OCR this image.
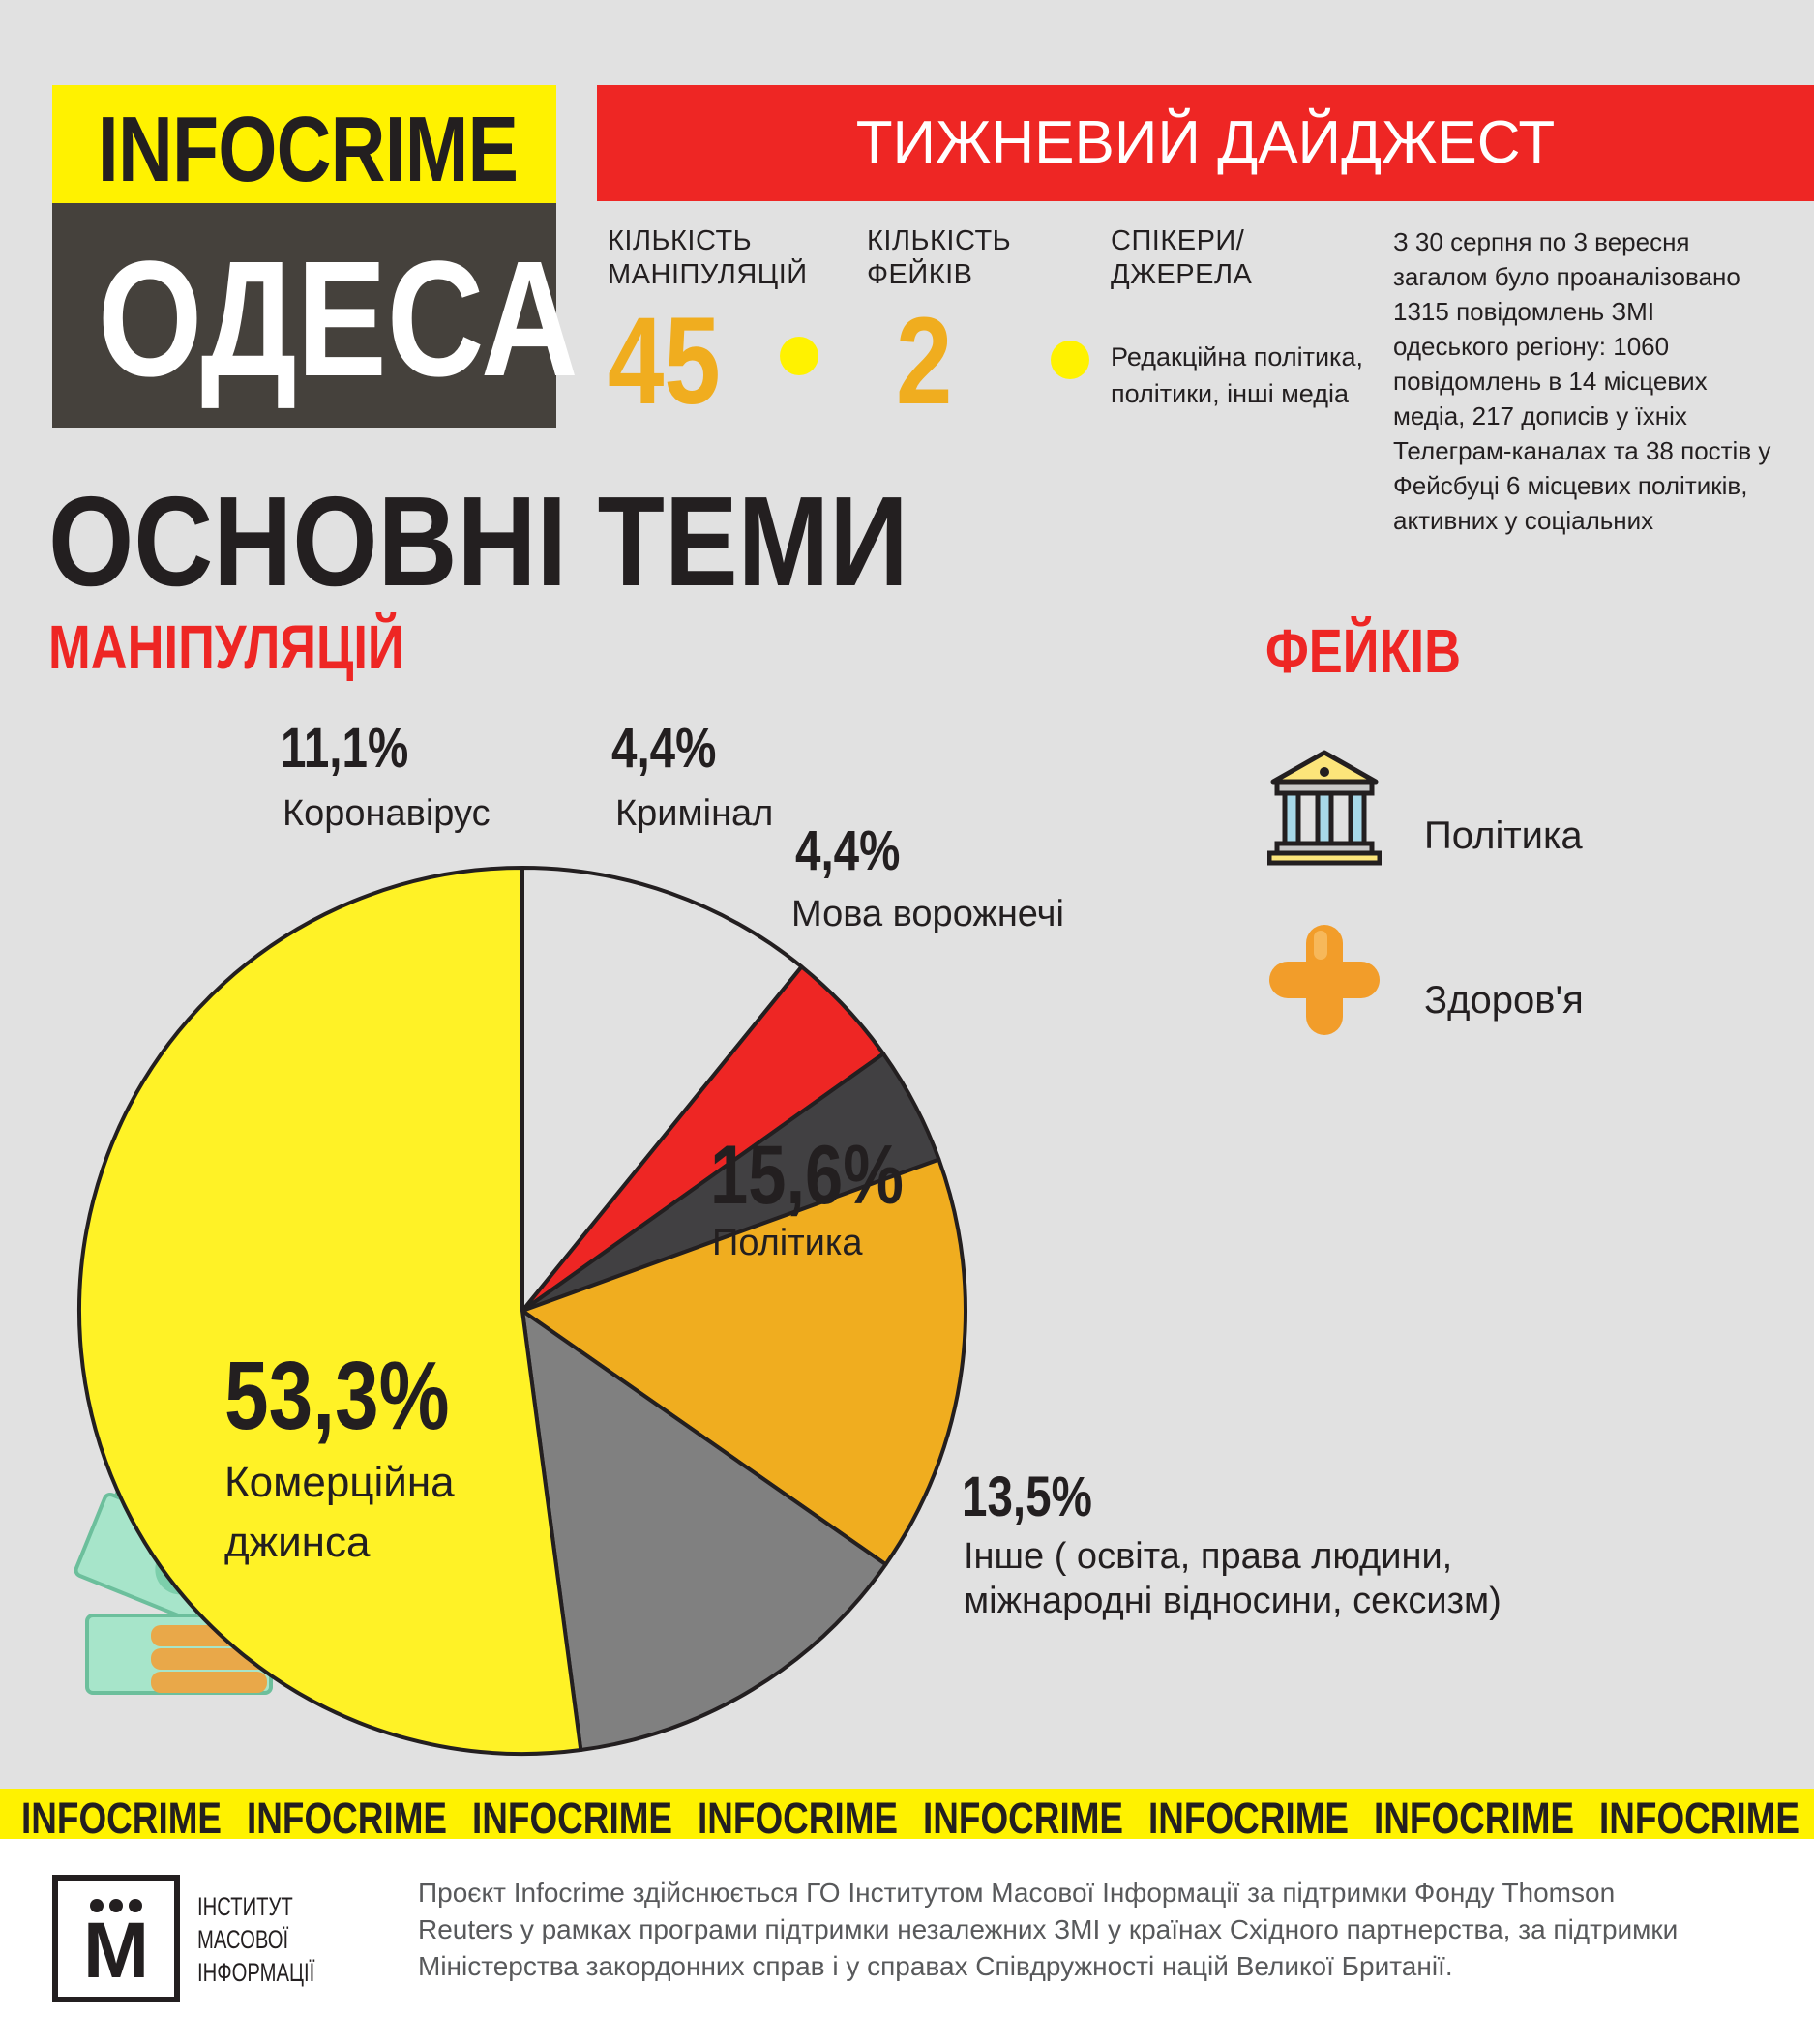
INFOCRIME
ОДЕСА
ТИЖНЕВИЙ ДАЙДЖЕСТ
КІЛЬКІСТЬ
МАНІПУЛЯЦІЙ
45
КІЛЬКІСТЬ
ФЕЙКІВ
2
СПІКЕРИ/
ДЖЕРЕЛА
Редакційна політика,
політики, інші медіа
З 30 серпня по 3 вересня
загалом було проаналізовано
1315 повідомлень ЗМІ
одеського регіону: 1060
повідомлень в 14 місцевих
медіа, 217 дописів у їхніх
Телеграм-каналах та 38 постів у
Фейсбуці 6 місцевих політиків,
активних у соціальних
ОСНОВНІ ТЕМИ
МАНІПУЛЯЦІЙ	ФЕЙКІВ
11,1%
Коронавірус
4,4%
Кримінал
4,4%
Мова ворожнечі
15,6%
Політика
13,5%
Інше ( освіта, права людини,
міжнародні відносини, сексизм)
53,3%
Комерційна
джинса
Політика
Здоров'я
INFOCRIME INFOCRIME INFOCRIME INFOCRIME INFOCRIME INFOCRIME INFOCRIME INFOCRIME
М	ІНСТИТУТ
МАСОВОЇ
ІНФОРМАЦІЇ
Проєкт Infocrime здійснюється ГО Інститутом Масової Інформації за підтримки Фонду Thomson
Reuters у рамках програми підтримки незалежних ЗМІ у країнах Східного партнерства, за підтримки
Міністерства закордонних справ і у справах Співдружності націй Великої Британії.
